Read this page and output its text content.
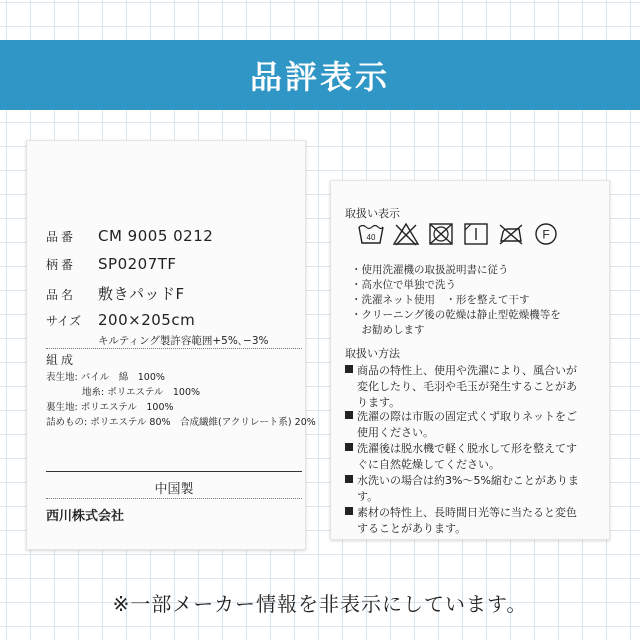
品評表示
品番	CM 9005 0212
柄番	SP0207TF
品名	敷きパッドF
サイズ	200×205cm
キルティング製許容範囲+5%､−3%
組成
表生地: パイル　綿　100%
地糸: ポリエステル　100%
裏生地: ポリエステル　100%
詰めもの: ポリエステル 80%　合成繊維(アクリレート系) 20%
中国製
西川株式会社
取扱い表示
40	F
・使用洗濯機の取扱説明書に従う
・高水位で単独で洗う
・洗濯ネット使用　・形を整えて干す
・クリーニング後の乾燥は静止型乾燥機等を
　お勧めします
取扱い方法
商品の特性上、使用や洗濯により、風合いが
変化したり、毛羽や毛玉が発生することがあ
ります。
洗濯の際は市販の固定式くず取りネットをご
使用ください。
洗濯後は脱水機で軽く脱水して形を整えてす
ぐに自然乾燥してください。
水洗いの場合は約3%〜5%縮むことがありま
す。
素材の特性上、長時間日光等に当たると変色
することがあります。
※一部メーカー情報を非表示にしています。
